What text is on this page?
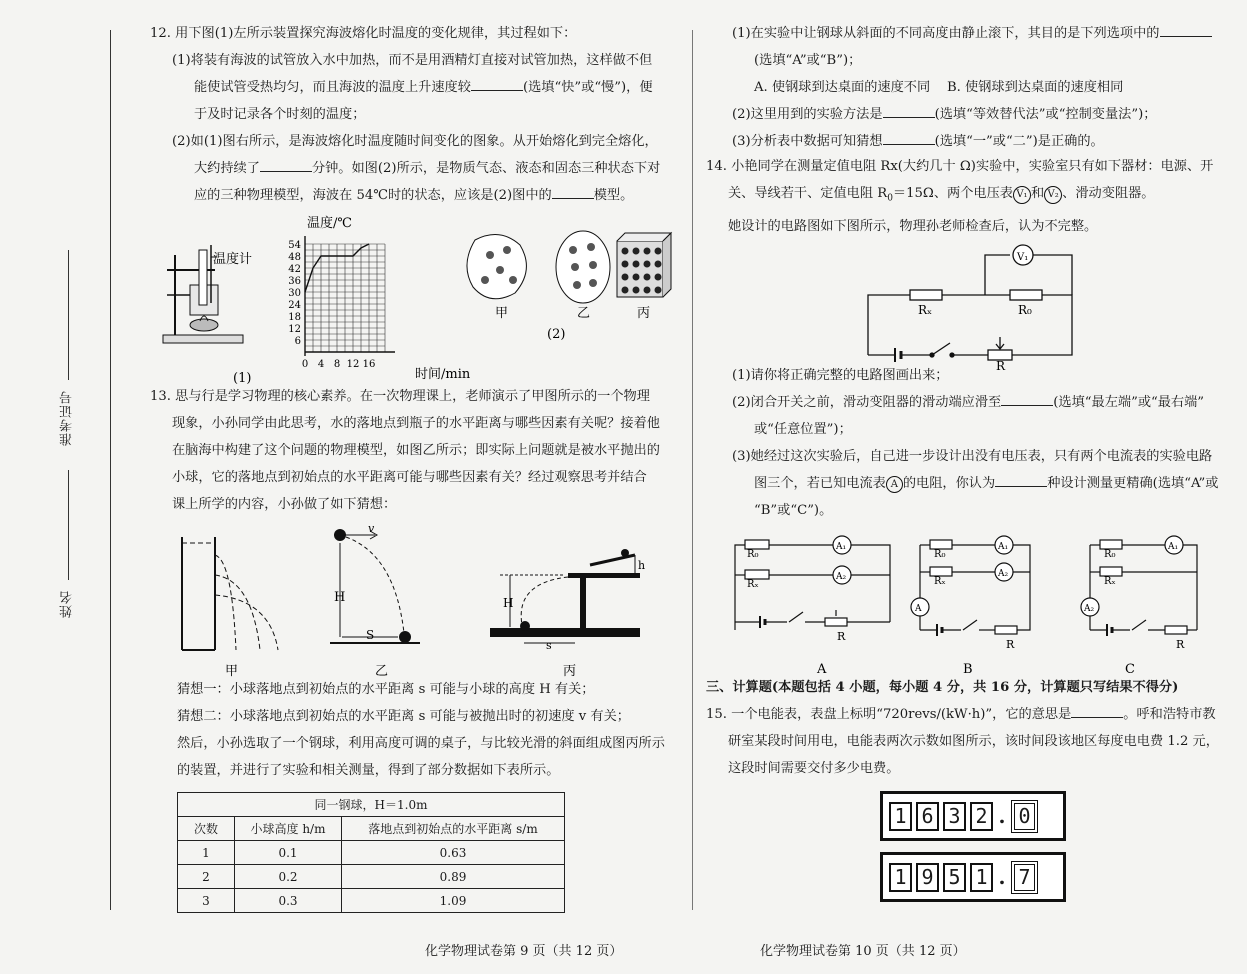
准考证号
姓名

12. 用下图(1)左所示装置探究海波熔化时温度的变化规律，其过程如下：

(1)将装有海波的试管放入水中加热，而不是用酒精灯直接对试管加热，这样做不但

能使试管受热均匀，而且海波的温度上升速度较	(选填“快”或“慢”)，便

于及时记录各个时刻的温度；

(2)如(1)图右所示，是海波熔化时温度随时间变化的图象。从开始熔化到完全熔化，

大约持续了	分钟。如图(2)所示，是物质气态、液态和固态三种状态下对

应的三种物理模型，海波在 54℃时的状态，应该是(2)图中的	模型。

温度计
(1)
54
48
42
36
30
24
18
12
6
0 4 8 12 16
温度/℃
时间/min
甲	乙	丙
(2)

13. 思与行是学习物理的核心素养。在一次物理课上，老师演示了甲图所示的一个物理

现象，小孙同学由此思考，水的落地点到瓶子的水平距离与哪些因素有关呢？接着他

在脑海中构建了这个问题的物理模型，如图乙所示；即实际上问题就是被水平抛出的

小球，它的落地点到初始点的水平距离可能与哪些因素有关？经过观察思考并结合

课上所学的内容，小孙做了如下猜想：

v
H
S
H
h
s
甲	乙	丙

猜想一：小球落地点到初始点的水平距离 s 可能与小球的高度 H 有关；

猜想二：小球落地点到初始点的水平距离 s 可能与被抛出时的初速度 v 有关；

然后，小孙选取了一个钢球，利用高度可调的桌子，与比较光滑的斜面组成图丙所示

的装置，并进行了实验和相关测量，得到了部分数据如下表所示。

同一钢球，H＝1.0m		
次数	小球高度 h/m	落地点到初始点的水平距离 s/m
1	0.1	0.63
2	0.2	0.89
3	0.3	1.09
化学物理试卷第 9 页（共 12 页）

(1)在实验中让钢球从斜面的不同高度由静止滚下，其目的是下列选项中的

(选填“A”或“B”)；

A. 使钢球到达桌面的速度不同 B. 使钢球到达桌面的速度相同

(2)这里用到的实验方法是	(选填“等效替代法”或“控制变量法”)；

(3)分析表中数据可知猜想	(选填“一”或“二”)是正确的。

14. 小艳同学在测量定值电阻 Rx(大约几十 Ω)实验中，实验室只有如下器材：电源、开

关、导线若干、定值电阻 $R_0=15\Omega$、两个电压表 V₁ 和 V₂ 、滑动变阻器。

她设计的电路图如下图所示，物理孙老师检查后，认为不完整。

V₁
Rₓ	R₀
R

(1)请你将正确完整的电路图画出来；

(2)闭合开关之前，滑动变阻器的滑动端应滑至	(选填“最左端”或“最右端”

或“任意位置”)；

(3)她经过这次实验后，自己进一步设计出没有电压表，只有两个电流表的实验电路

图三个，若已知电流表 A 的电阻，你认为	种设计测量更精确(选填“A”或

“B”或“C”)。

R₀
Rₓ
A₁
A₂
R
R₀
Rₓ
A₁
A₂
A
R
R₀
Rₓ
A₁
A₂
R
A	B	C

三、计算题(本题包括 4 小题，每小题 4 分，共 16 分，计算题只写结果不得分)

15. 一个电能表，表盘上标明“720revs/(kW·h)”，它的意思是	。呼和浩特市教

研室某段时间用电，电能表两次示数如图所示，该时间段该地区每度电电费 1.2 元，

这段时间需要交付多少电费。

1 6 3 2 . 0
1 9 5 1 . 7
化学物理试卷第 10 页（共 12 页）
